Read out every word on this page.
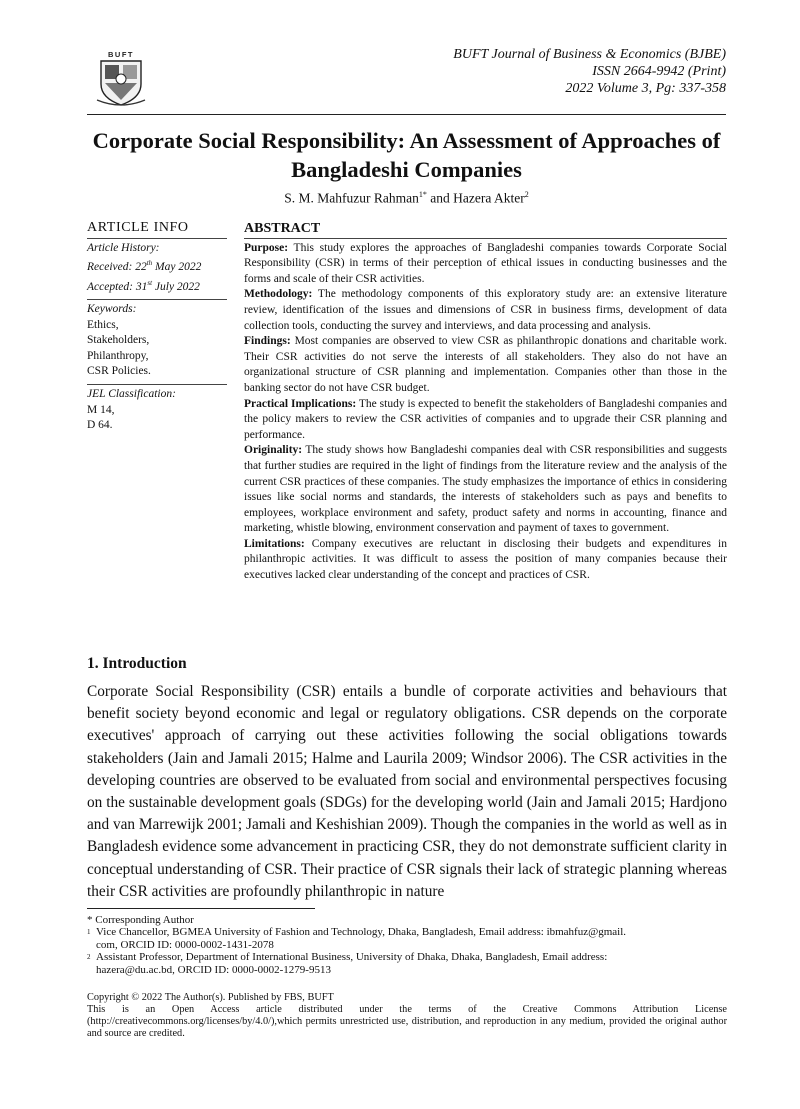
BUFT	BUFT Journal of Business & Economics (BJBE)
ISSN 2664-9942 (Print)
2022 Volume 3, Pg: 337-358
Corporate Social Responsibility: An Assessment of Approaches of
Bangladeshi Companies
S. M. Mahfuzur Rahman$^{1*}$ and Hazera Akter$^2$
ARTICLE INFO
Article History:
Received: 22th May 2022
Accepted: 31st July 2022
Keywords:
Ethics,
Stakeholders,
Philanthropy,
CSR Policies.
JEL Classification:
M 14,
D 64.
ABSTRACT

Purpose: This study explores the approaches of Bangladeshi companies towards Corporate Social Responsibility (CSR) in terms of their perception of ethical issues in conducting businesses and the forms and scale of their CSR activities.

Methodology: The methodology components of this exploratory study are: an extensive literature review, identification of the issues and dimensions of CSR in business firms, development of data collection tools, conducting the survey and interviews, and data processing and analysis.

Findings: Most companies are observed to view CSR as philanthropic donations and charitable work. Their CSR activities do not serve the interests of all stakeholders. They also do not have an organizational structure of CSR planning and implementation. Companies other than those in the banking sector do not have CSR budget.

Practical Implications: The study is expected to benefit the stakeholders of Bangladeshi companies and the policy makers to review the CSR activities of companies and to upgrade their CSR planning and performance.

Originality: The study shows how Bangladeshi companies deal with CSR responsibilities and suggests that further studies are required in the light of findings from the literature review and the analysis of the current CSR practices of these companies. The study emphasizes the importance of ethics in considering issues like social norms and standards, the interests of stakeholders such as pays and benefits to employees, workplace environment and safety, product safety and norms in accounting, finance and marketing, whistle blowing, environment conservation and payment of taxes to government.

Limitations: Company executives are reluctant in disclosing their budgets and expenditures in philanthropic activities. It was difficult to assess the position of many companies because their executives lacked clear understanding of the concept and practices of CSR.

1. Introduction

Corporate Social Responsibility (CSR) entails a bundle of corporate activities and behaviours that benefit society beyond economic and legal or regulatory obligations. CSR depends on the corporate executives' approach of carrying out these activities following the social obligations towards stakeholders (Jain and Jamali 2015; Halme and Laurila 2009; Windsor 2006). The CSR activities in the developing countries are observed to be evaluated from social and environmental perspectives focusing on the sustainable development goals (SDGs) for the developing world (Jain and Jamali 2015; Hardjono and van Marrewijk 2001; Jamali and Keshishian 2009). Though the companies in the world as well as in Bangladesh evidence some advancement in practicing CSR, they do not demonstrate sufficient clarity in conceptual understanding of CSR. Their practice of CSR signals their lack of strategic planning whereas their CSR activities are profoundly philanthropic in nature

* Corresponding Author

1 Vice Chancellor, BGMEA University of Fashion and Technology, Dhaka, Bangladesh, Email address: ibmahfuz@gmail.
com, ORCID ID: 0000-0002-1431-2078

2 Assistant Professor, Department of International Business, University of Dhaka, Dhaka, Bangladesh, Email address:
hazera@du.ac.bd, ORCID ID: 0000-0002-1279-9513

Copyright © 2022 The Author(s). Published by FBS, BUFT
This is an Open Access article distributed under the terms of the Creative Commons Attribution License (http://creativecommons.org/licenses/by/4.0/),which permits unrestricted use, distribution, and reproduction in any medium, provided the original author and source are credited.
